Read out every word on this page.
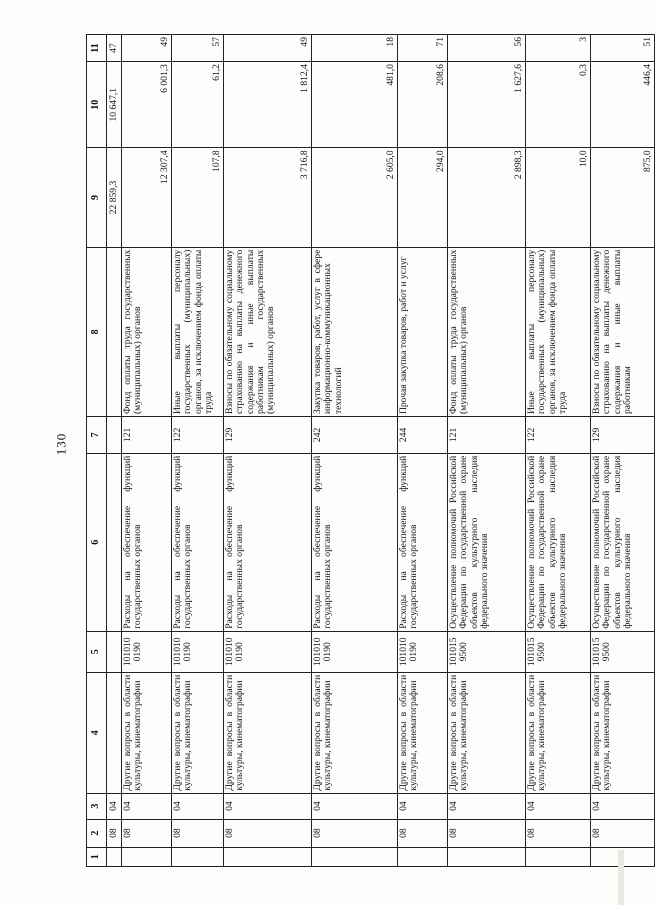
130
1	2	3	4	5	6	7	8	9	10	11
	08	04						22 859,3	10 647,1	47
	08	04	Другие вопросы в области культуры, кинематографии	101010 0190	Расходы на обеспечение функций государственных органов	121	Фонд оплаты труда государственных (муниципальных) органов	12 307,4	6 001,3	49
	08	04	Другие вопросы в области культуры, кинематографии	101010 0190	Расходы на обеспечение функций государственных органов	122	Иные выплаты персоналу государственных (муниципальных) органов, за исключением фонда оплаты труда	107,8	61,2	57
	08	04	Другие вопросы в области культуры, кинематографии	101010 0190	Расходы на обеспечение функций государственных органов	129	Взносы по обязательному социальному страхованию на выплаты денежного содержания и иные выплаты работникам государственных (муниципальных) органов	3 716,8	1 812,4	49
	08	04	Другие вопросы в области культуры, кинематографии	101010 0190	Расходы на обеспечение функций государственных органов	242	Закупка товаров, работ, услуг в сфере информационно-коммуникационных технологий	2 605,0	481,0	18
	08	04	Другие вопросы в области культуры, кинематографии	101010 0190	Расходы на обеспечение функций государственных органов	244	Прочая закупка товаров, работ и услуг	294,0	208,6	71
	08	04	Другие вопросы в области культуры, кинематографии	101015 9500	Осуществление полномочий Российской Федерации по государственной охране объектов культурного наследия федерального значения	121	Фонд оплаты труда государственных (муниципальных) органов	2 898,3	1 627,6	56
	08	04	Другие вопросы в области культуры, кинематографии	101015 9500	Осуществление полномочий Российской Федерации по государственной охране объектов культурного наследия федерального значения	122	Иные выплаты персоналу государственных (муниципальных) органов, за исключением фонда оплаты труда	10,0	0,3	3
	08	04	Другие вопросы в области культуры, кинематографии	101015 9500	Осуществление полномочий Российской Федерации по государственной охране объектов культурного наследия федерального значения	129	Взносы по обязательному социальному страхованию на выплаты денежного содержания и иные выплаты работникам	875,0	446,4	51
